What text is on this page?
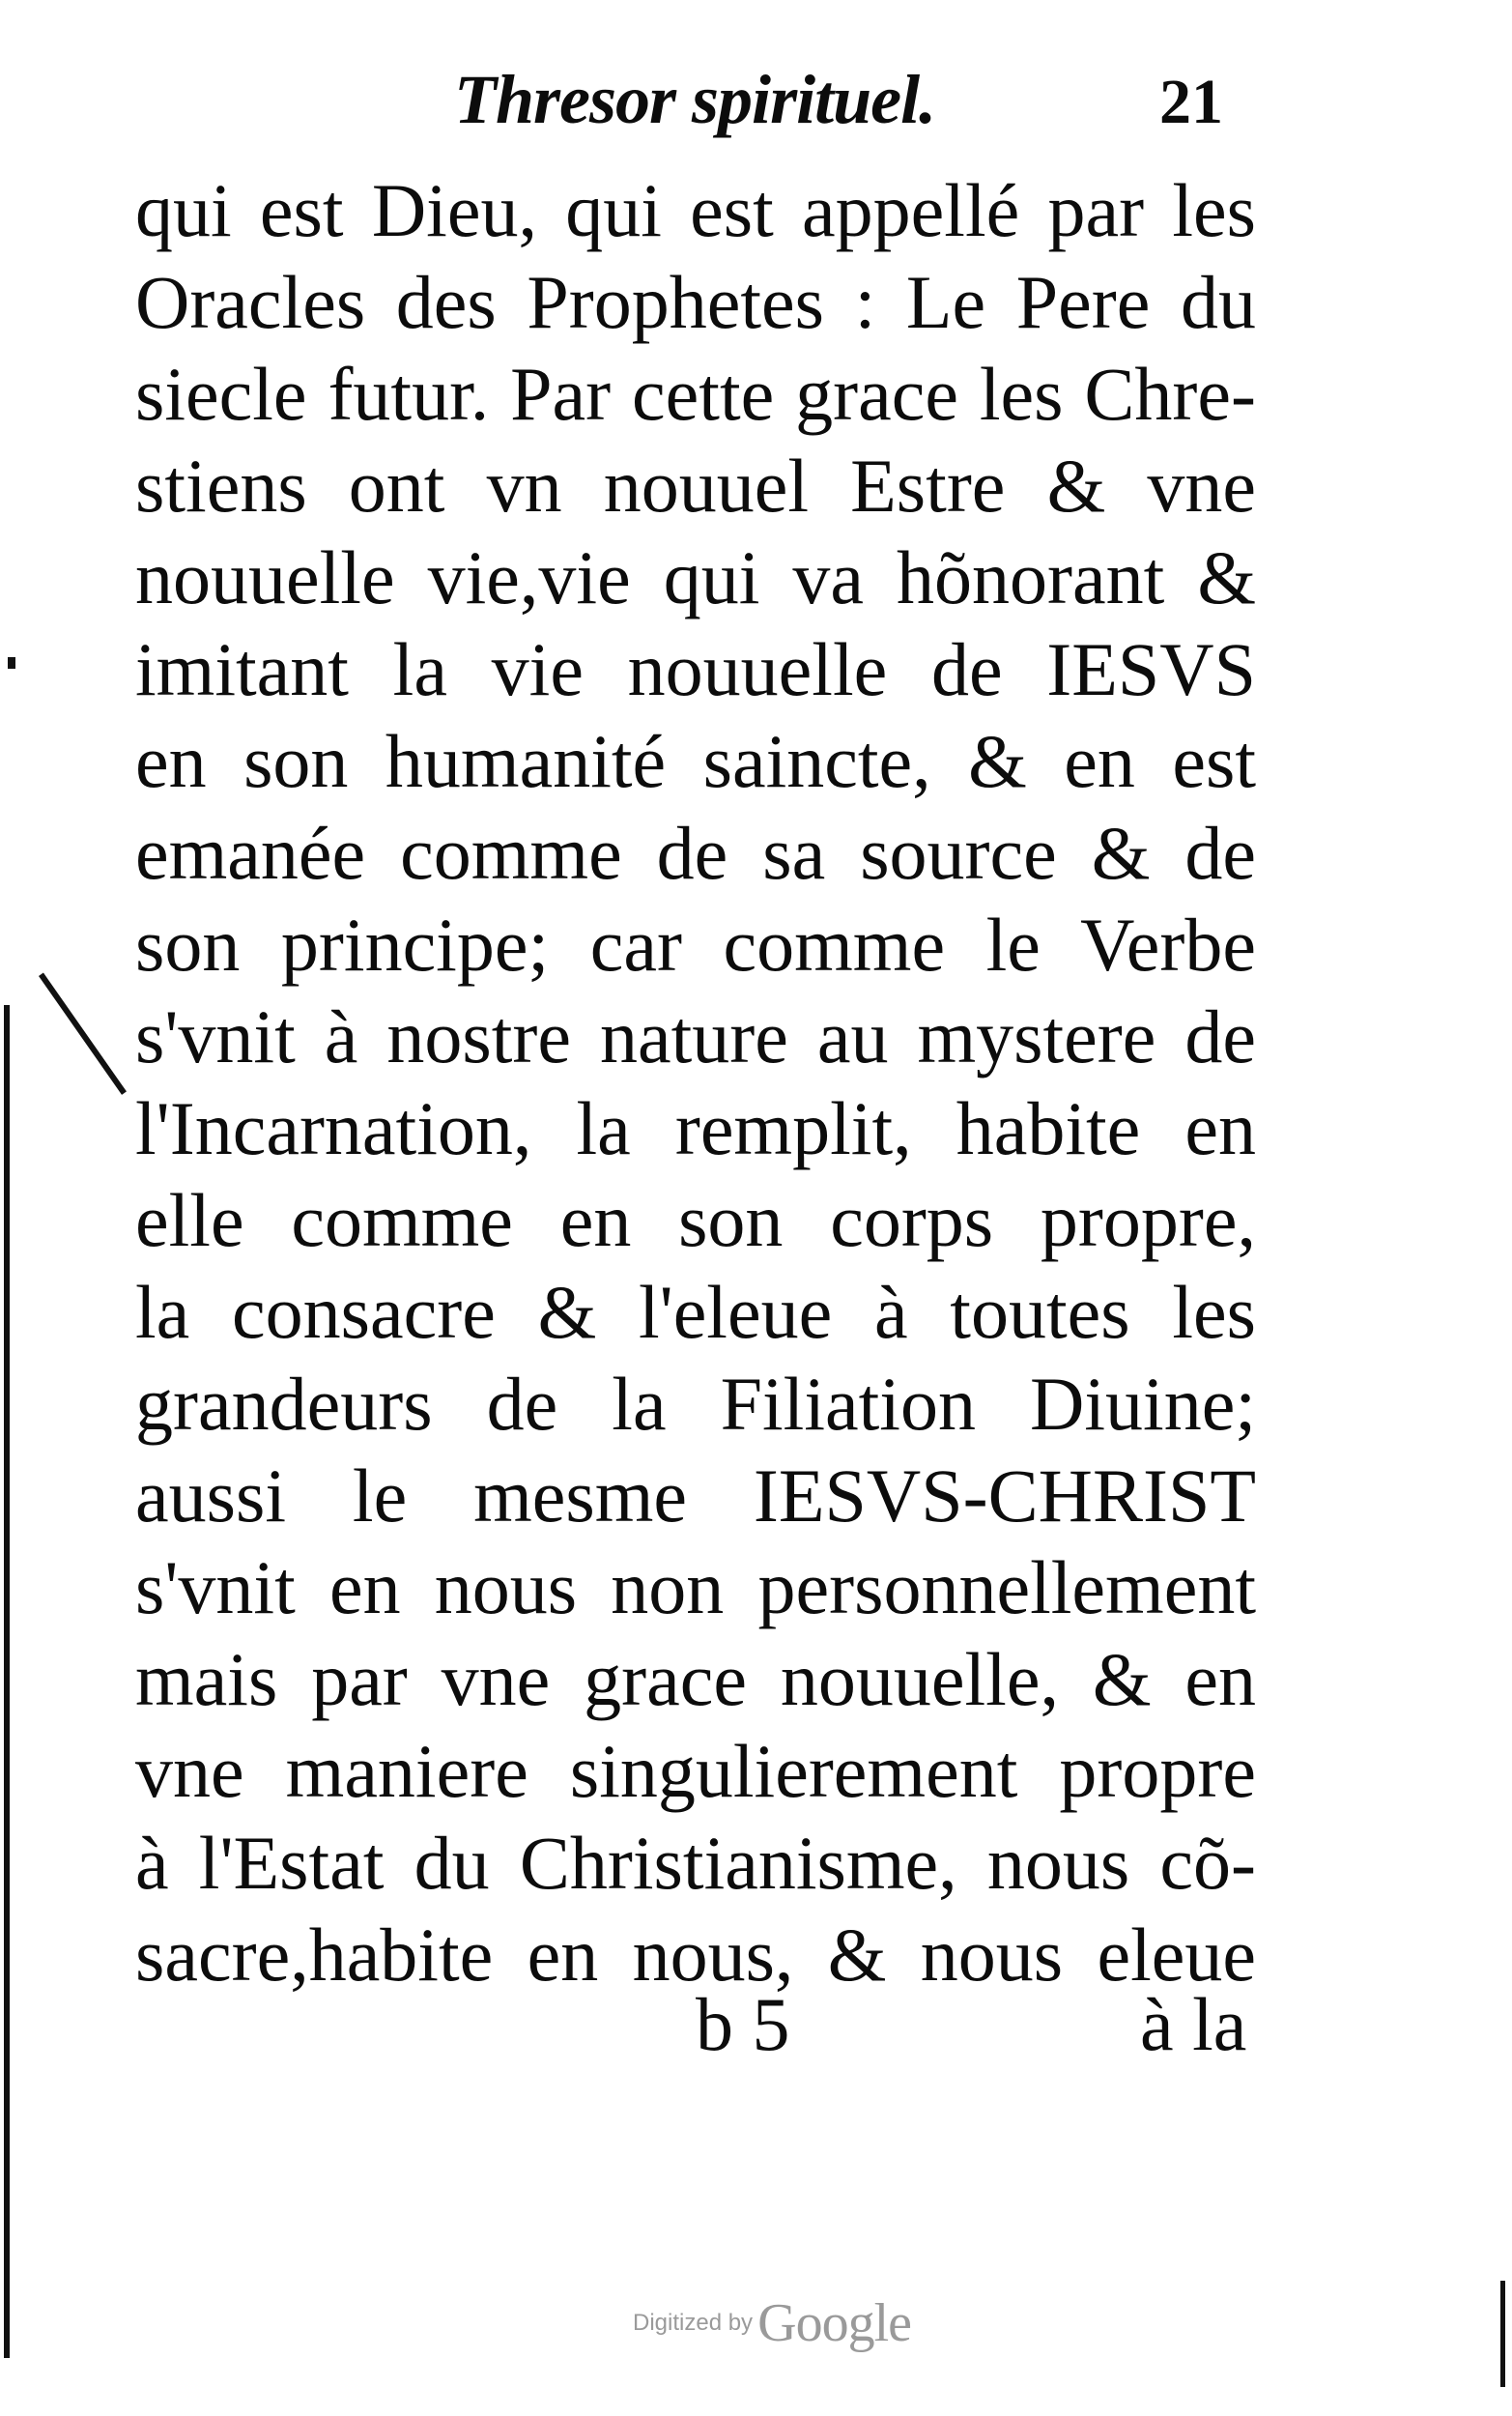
Thresor spirituel.	21
qui est Dieu, qui est appellé par les
Oracles des Prophetes : Le Pere du
siecle futur. Par cette grace les Chre-
stiens ont vn nouuel Estre & vne
nouuelle vie,vie qui va hõnorant &
imitant la vie nouuelle de IESVS
en son humanité saincte, & en est
emanée comme de sa source & de
son principe; car comme le Verbe
s'vnit à nostre nature au mystere de
l'Incarnation, la remplit, habite en
elle comme en son corps propre,
la consacre & l'eleue à toutes les
grandeurs de la Filiation Diuine;
aussi le mesme IESVS-CHRIST
s'vnit en nous non personnellement
mais par vne grace nouuelle, & en
vne maniere singulierement propre
à l'Estat du Christianisme, nous cõ-
sacre,habite en nous, & nous eleue
b 5	à la
Digitized by Google
